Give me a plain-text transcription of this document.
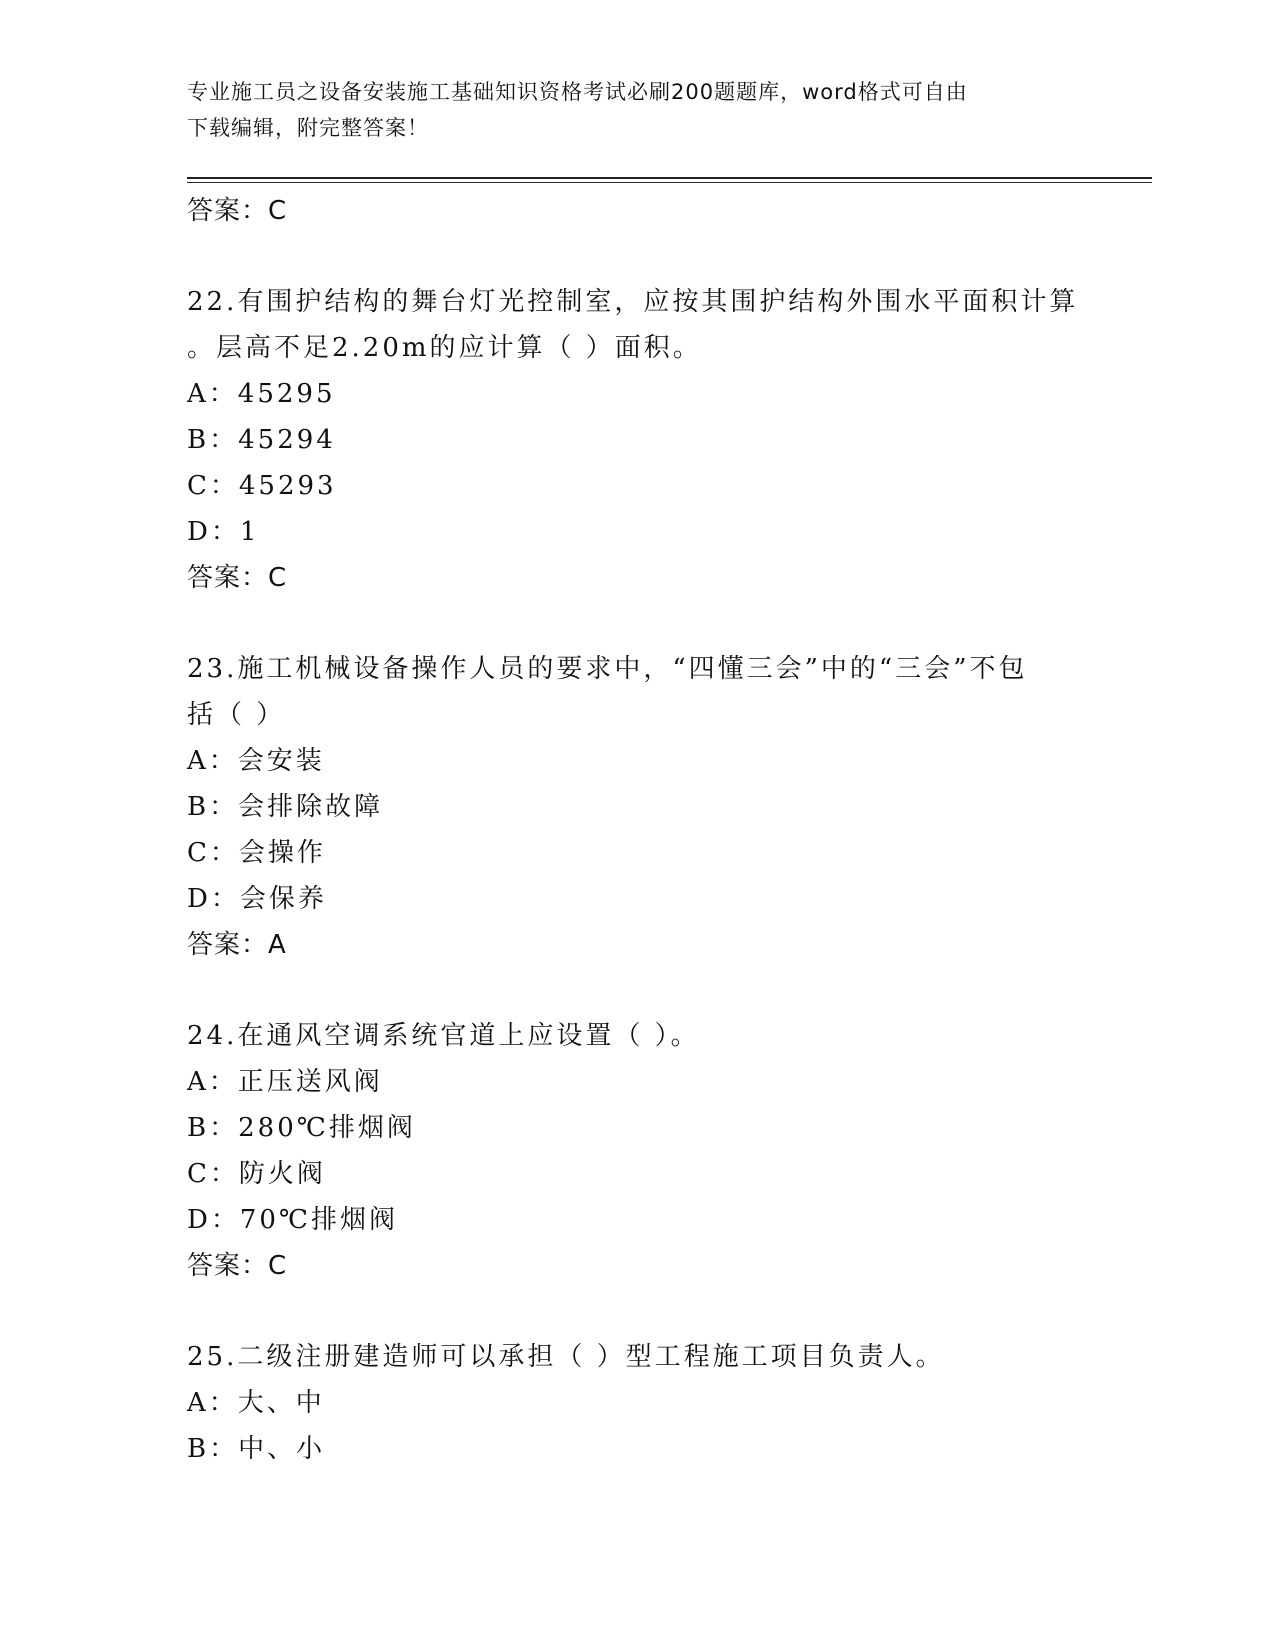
专业施工员之设备安装施工基础知识资格考试必刷200题题库，word格式可自由
下载编辑，附完整答案！
答案：C
22.有围护结构的舞台灯光控制室，应按其围护结构外围水平面积计算
。层高不足2.20m的应计算（ ）面积。
A：45295
B：45294
C：45293
D：1
答案：C
23.施工机械设备操作人员的要求中，“四懂三会”中的“三会”不包
括（ ）
A：会安装
B：会排除故障
C：会操作
D：会保养
答案：A
24.在通风空调系统官道上应设置（ ）。
A：正压送风阀
B：280℃排烟阀
C：防火阀
D：70℃排烟阀
答案：C
25.二级注册建造师可以承担（ ）型工程施工项目负责人。
A：大、中
B：中、小
